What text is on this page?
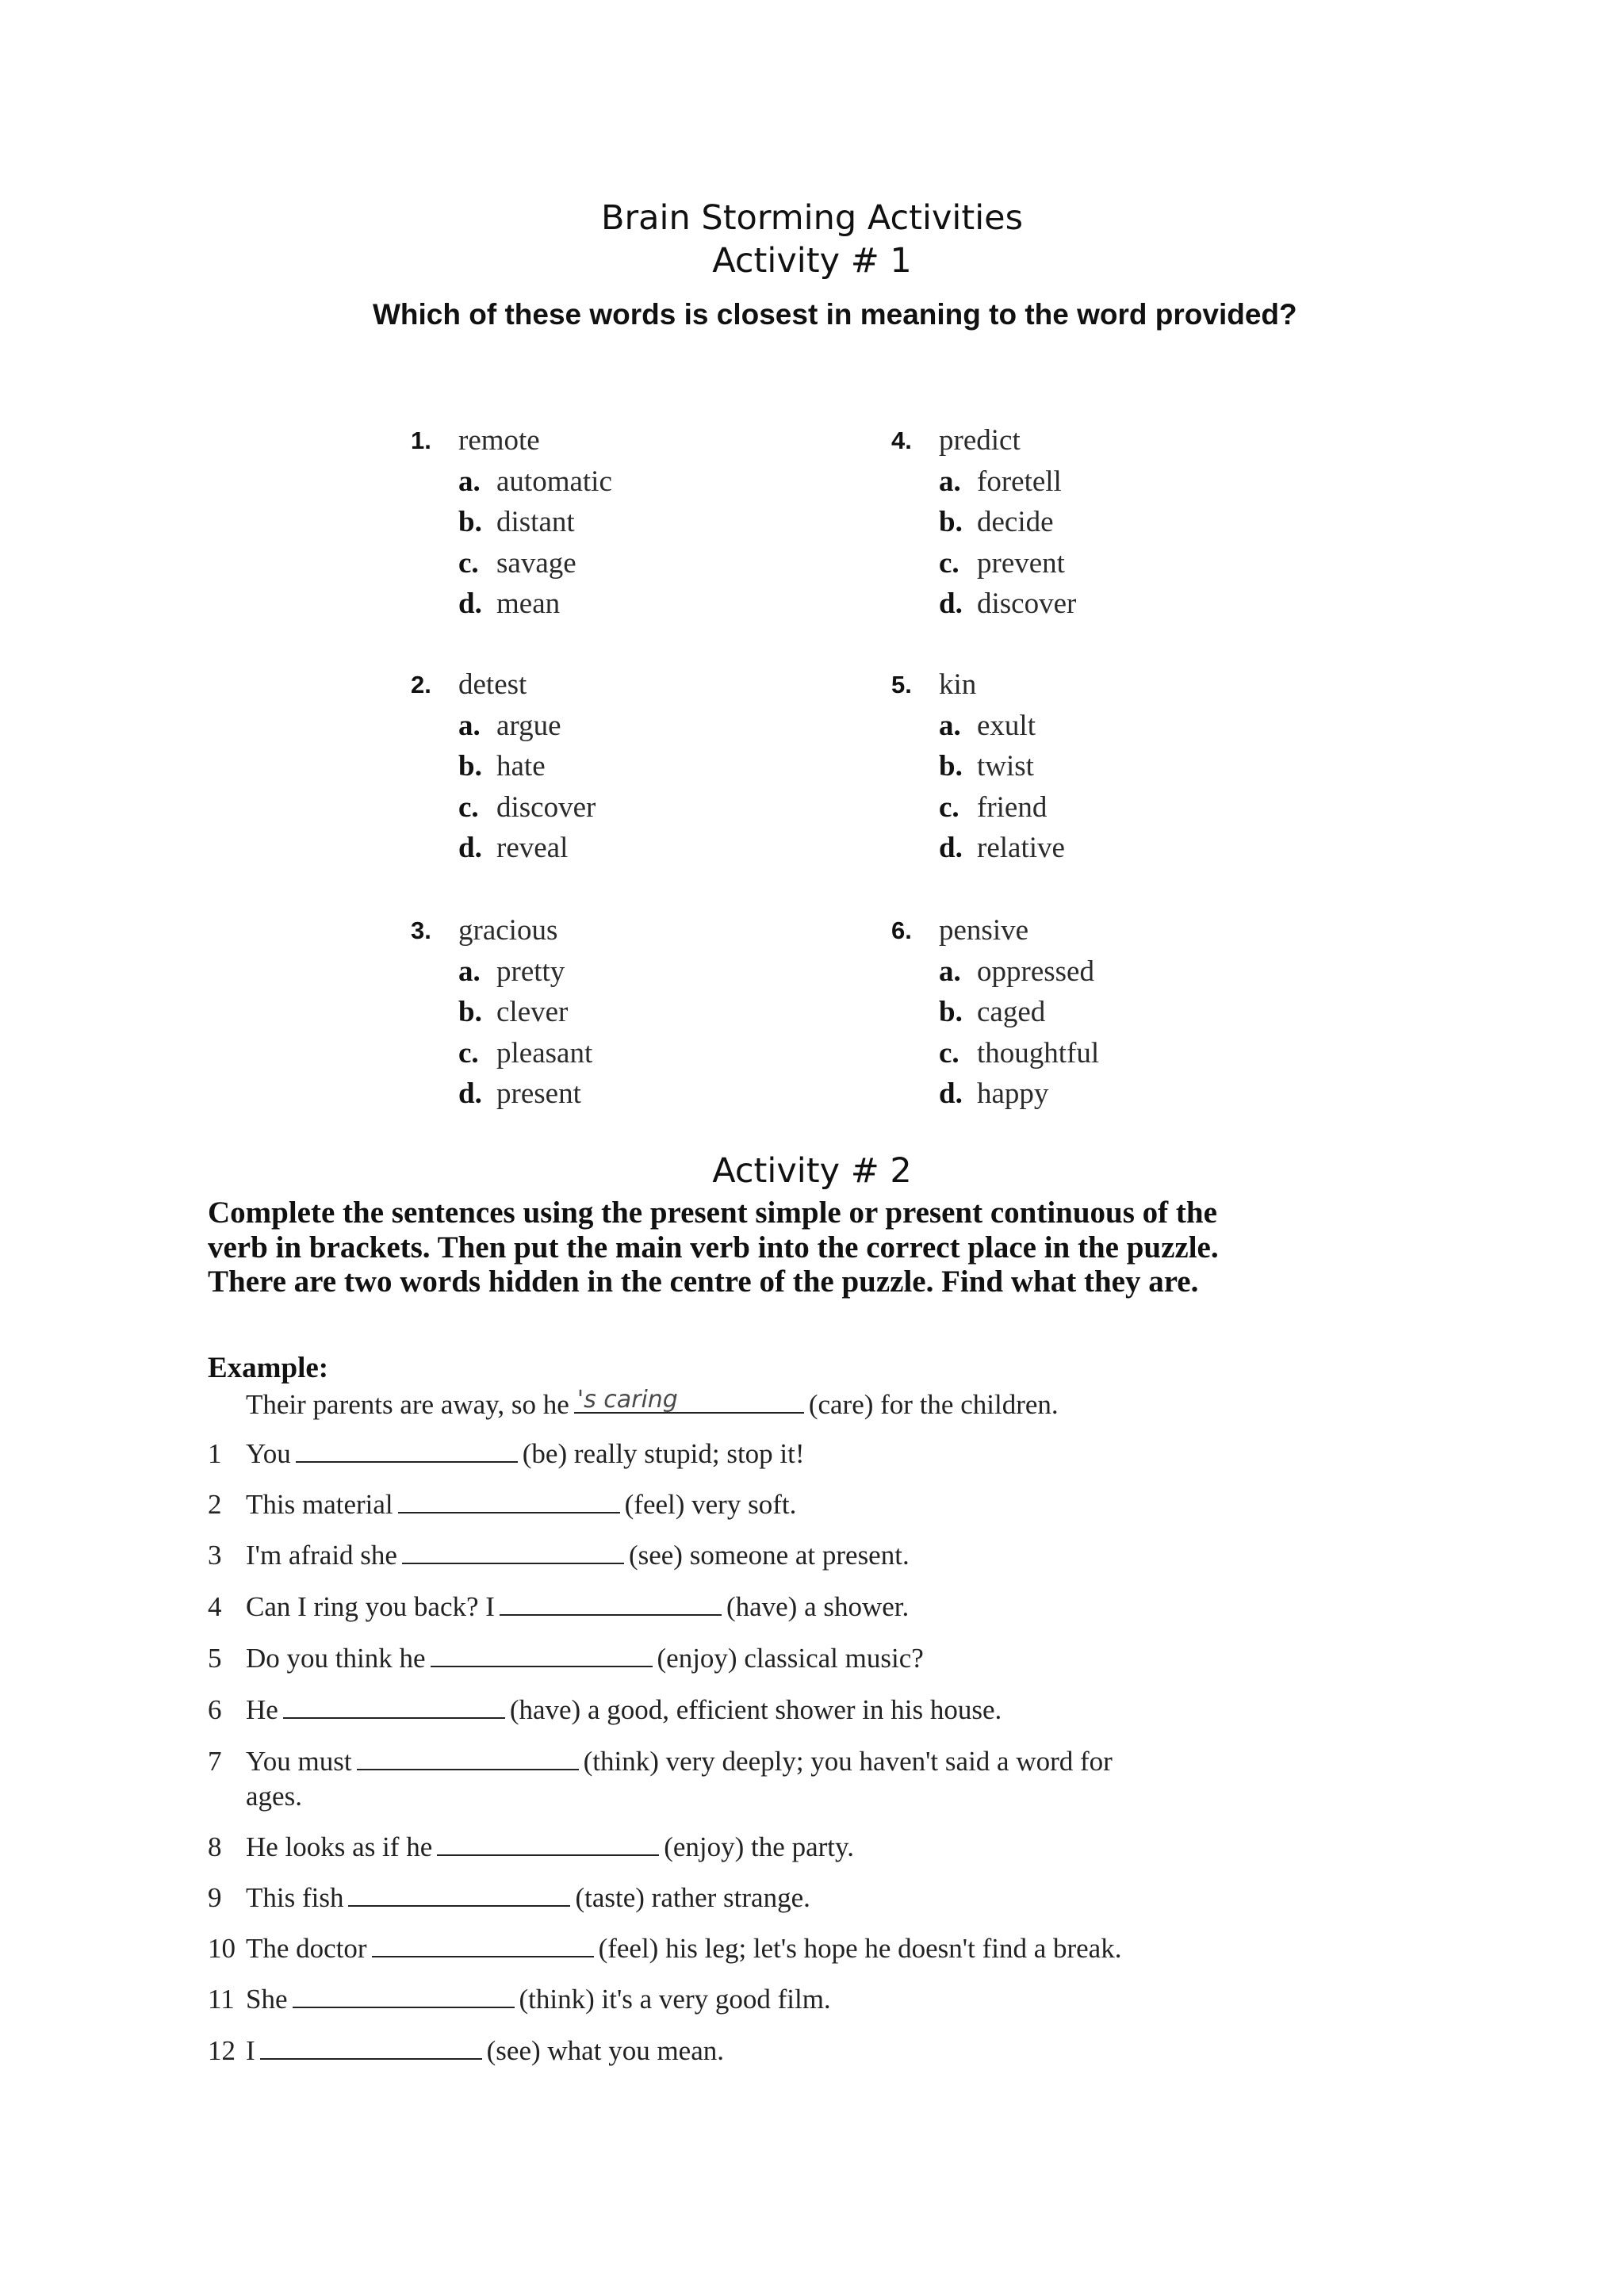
Brain Storming Activities
Activity # 1
Which of these words is closest in meaning to the word provided?
1. remote
a. automatic
b. distant
c. savage
d. mean
2. detest
a. argue
b. hate
c. discover
d. reveal
3. gracious
a. pretty
b. clever
c. pleasant
d. present
4. predict
a. foretell
b. decide
c. prevent
d. discover
5. kin
a. exult
b. twist
c. friend
d. relative
6. pensive
a. oppressed
b. caged
c. thoughtful
d. happy
Activity # 2
Complete the sentences using the present simple or present continuous of the verb in brackets. Then put the main verb into the correct place in the puzzle. There are two words hidden in the centre of the puzzle. Find what they are.
Example:
Their parents are away, so he 's caring	(care) for the children.
1 You	(be) really stupid; stop it!
2 This material	(feel) very soft.
3 I'm afraid she	(see) someone at present.
4 Can I ring you back? I	(have) a shower.
5 Do you think he	(enjoy) classical music?
6 He	(have) a good, efficient shower in his house.
7 You must	(think) very deeply; you haven't said a word for
ages.
8 He looks as if he	(enjoy) the party.
9 This fish	(taste) rather strange.
10 The doctor	(feel) his leg; let's hope he doesn't find a break.
11 She	(think) it's a very good film.
12 I	(see) what you mean.
